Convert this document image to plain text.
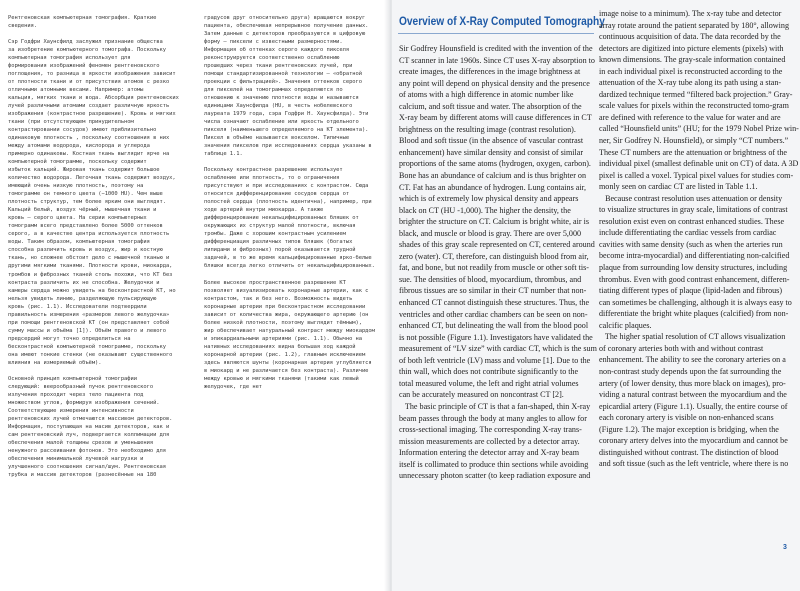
Рентгеновская компьютерная томография. Краткие
сведения.

Сэр Годфри Хаунсфилд заслужил признание общества
за изобретение компьютерного томографа. Поскольку
компьютерная томография использует для
формирования изображений феномен рентгеновского
поглощения, то разница в яркости изображения зависит
от плотности ткани и от присутствия атомов с резко
отличными атомными весами. Например: атомы
кальция, мягких ткани и вода. Абсорбция рентгеновских
лучей различными атомами создает различную яркость
изображения (контрастное разрешение). Кровь и мягких
ткани (при отсутствующем принудительном
контрастировании сосудов) имеют приблизительно
одинаковую плотность , поскольку соотношения в них
между атомами водорода, кислорода и углерода
примерно одинаковы. Костная ткань выглядит ярче на
компьютерной томограмме, поскольку содержит
избыток кальций. Жировая ткань содержит большое
количество водорода. Легочная ткань содержит воздух,
имеющий очень низкую плотность, поэтому на
томограмме он темного цвета (−1000 HU). Чем выше
плотность структур, тем более ярким они выглядят.
Кальций белый, воздух чёрный, мышечная ткани и
кровь – серого цвета. На серии компьютерных
томограмм всего представлено более 5000 оттенков
серого, а в качестве центра используется плотность
воды. Таким образом, компьютерная томография
способна различить кровь и воздух, жир и костную
ткань, но сложнее обстоит дело с мышечной тканью и
другими мягкими тканями. Плотности крови, миокарда,
тромбов и фиброзных тканей столь похожи, что КТ без
контраста различить их не способна. Желудочки и
камеры сердца можно увидеть на бесконтрастной КТ, но
нельзя увидеть линию, разделяющую пульсирующую
кровь (рис. 1.1). Исследователи подтвердили
правильность измерения «размеров левого желудочка»
при помощи рентгеновской КТ (он представляет собой
сумму массы и объёма [1]). Объём правого и левого
предсердий могут точно определиться на
бесконтрастной компьютерной томограмме, поскольку
она имеют тонкие стенки (не оказывают существенного
влияния на измеряемый объём).

Основной принцип компьютерной томографии
следующий: веерообразный пучок рентгеновского
излучения проходит через тело пациента под
множеством углов, формируя изображения сечений.
Соответствующие измерения интенсивности
рентгеновских лучей отмечаются массивом детекторов.
Информация, поступающая на масив детекторов, как и
сам рентгеновский луч, подвергается коллимации для
обеспечения малой толщины срезов и уменьшения
ненужного рассеивания фотонов. Это необходимо для
обеспечения минимальной лучевой нагрузки и
улучшенного соотношения сигнал/шум. Рентгеновская
трубка и массив детекторов (разнесённые на 180
градусов друг относительно друга) вращаются вокруг
пациента, обеспечивая непрерывное получение данных.
Затем данные с детекторов преобразуются в цифровую
форму – пиксели с известными размерностями.
Информация об оттенках серого каждого пикселя
реконструируется соответственно ослаблению
прошедших через ткани рентгеновских лучей, при
помощи стандартизированной технологии – «обратной
проекции с фильтрацией». Значения оттенков серого
для пикселей на томограммах определяются по
отношению к значению плотности воды и называются
единицами Хаунсфилда (HU, в честь нобелевского
лауреата 1979 года, сэра Годфри Н. Хаунсфилда). Эти
числа означают ослабление или яркость отдельного
пикселя (наименьшего определяемого на КТ элемента).
Пиксел в объёме называется вокселом. Типичные
значения пикселов при исследованиях сердца указаны в
таблице 1.1.

Поскольку контрастное разрешение использует
ослабление или плотность, то о ограничения
присутствуют и при исследованиях с контрастом. Сюда
относится дифференцирование сосудов сердца от
полостей сердца (плотность идентична), например, при
ходе артерий внутри миокарда. А также
дифференцирование некальцифицированных бляшек от
окружающих их структур малой плотности, включая
тромбы. Даже с хорошим контрастным усилением
дифференциация различных типов бляшек (богатых
липидами и фиброзных) порой оказывается трудной
задачей, в то же время кальцифицированные ярко-белые
бляшки всегда легко отличить от некальцифицированных.

Более высокое пространственное разрешение КТ
позволяет визуализировать коронарные артерии, как с
контрастом, так и без него. Возможность видеть
коронарные артерии при бесконтрастном исследовании
зависит от количества жира, окружающего артерию (он
более низкой плотности, поэтому выглядит тёмным),
жир обеспечивает натуральный контраст между миокардом
и эпикардиальными артериями (рис. 1.1). Обычно на
нативных исследованиях видна большая ход каждой
коронарной артерии (рис. 1.2), главным исключением
здесь являются шунты (коронарная артерия углубляется
в миокард и не различается без контраста). Различие
между кровью и мягкими тканями (такими как левый
желудочек, где нет
Overview of X-Ray Computed Tomography
Sir Godfrey Hounsfield is credited with the invention of the
CT scanner in late 1960s. Since CT uses X-ray absorption to
create images, the differences in the image brightness at
any point will depend on physical density and the presence
of atoms with a high difference in atomic number like
calcium, and soft tissue and water. The absorption of the
X-ray beam by different atoms will cause differences in CT
brightness on the resulting image (contrast resolution).
Blood and soft tissue (in the absence of vascular contrast
enhancement) have similar density and consist of similar
proportions of the same atoms (hydrogen, oxygen, carbon).
Bone has an abundance of calcium and is thus brighter on
CT. Fat has an abundance of hydrogen. Lung contains air,
which is of extremely low physical density and appears
black on CT (HU -1,000). The higher the density, the
brighter the structure on CT. Calcium is bright white, air is
black, and muscle or blood is gray. There are over 5,000
shades of this gray scale represented on CT, centered around
zero (water). CT, therefore, can distinguish blood from air,
fat, and bone, but not readily from muscle or other soft tis-
sue. The densities of blood, myocardium, thrombus, and
fibrous tissues are so similar in their CT number that non-
enhanced CT cannot distinguish these structures. Thus, the
ventricles and other cardiac chambers can be seen on non-
enhanced CT, but delineating the wall from the blood pool
is not possible (Figure 1.1). Investigators have validated the
measurement of “LV size” with cardiac CT, which is the sum
of both left ventricle (LV) mass and volume [1]. Due to the
thin wall, which does not contribute significantly to the
total measured volume, the left and right atrial volumes
can be accurately measured on noncontrast CT [2].
The basic principle of CT is that a fan-shaped, thin X-ray
beam passes through the body at many angles to allow for
cross-sectional imaging. The corresponding X-ray trans-
mission measurements are collected by a detector array.
Information entering the detector array and X-ray beam
itself is collimated to produce thin sections while avoiding
unnecessary photon scatter (to keep radiation exposure and
image noise to a minimum). The x-ray tube and detector
array rotate around the patient separated by 180°, allowing
continuous acquisition of data. The data recorded by the
detectors are digitized into picture elements (pixels) with
known dimensions. The gray-scale information contained
in each individual pixel is reconstructed according to the
attenuation of the X-ray tube along its path using a stan-
dardized technique termed “filtered back projection.” Gray-
scale values for pixels within the reconstructed tomo-gram
are defined with reference to the value for water and are
called “Hounsfield units” (HU; for the 1979 Nobel Prize win-
ner, Sir Godfrey N. Hounsfield), or simply “CT numbers.”
These CT numbers are the attenuation or brightness of the
individual pixel (smallest definable unit on CT) of data. A 3D
pixel is called a voxel. Typical pixel values for studies com-
monly seen on cardiac CT are listed in Table 1.1.
Because contrast resolution uses attenuation or density
to visualize structures in gray scale, limitations of contrast
resolution exist even on contrast enhanced studies. These
include differentiating the cardiac vessels from cardiac
cavities with same density (such as when the arteries run
become intra-myocardial) and differentiating non-calcified
plaque from surrounding low density structures, including
thrombus. Even with good contrast enhancement, differen-
tiating different types of plaque (lipid-laden and fibrous)
can sometimes be challenging, although it is always easy to
differentiate the bright white plaques (calcified) from non-
calcific plaques.
The higher spatial resolution of CT allows visualization
of coronary arteries both with and without contrast
enhancement. The ability to see the coronary arteries on a
non-contrast study depends upon the fat surrounding the
artery (of lower density, thus more black on images), pro-
viding a natural contrast between the myocardium and the
epicardial artery (Figure 1.1). Usually, the entire course of
each coronary artery is visible on non-enhanced scans
(Figure 1.2). The major exception is bridging, when the
coronary artery delves into the myocardium and cannot be
distinguished without contrast. The distinction of blood
and soft tissue (such as the left ventricle, where there is no
3
